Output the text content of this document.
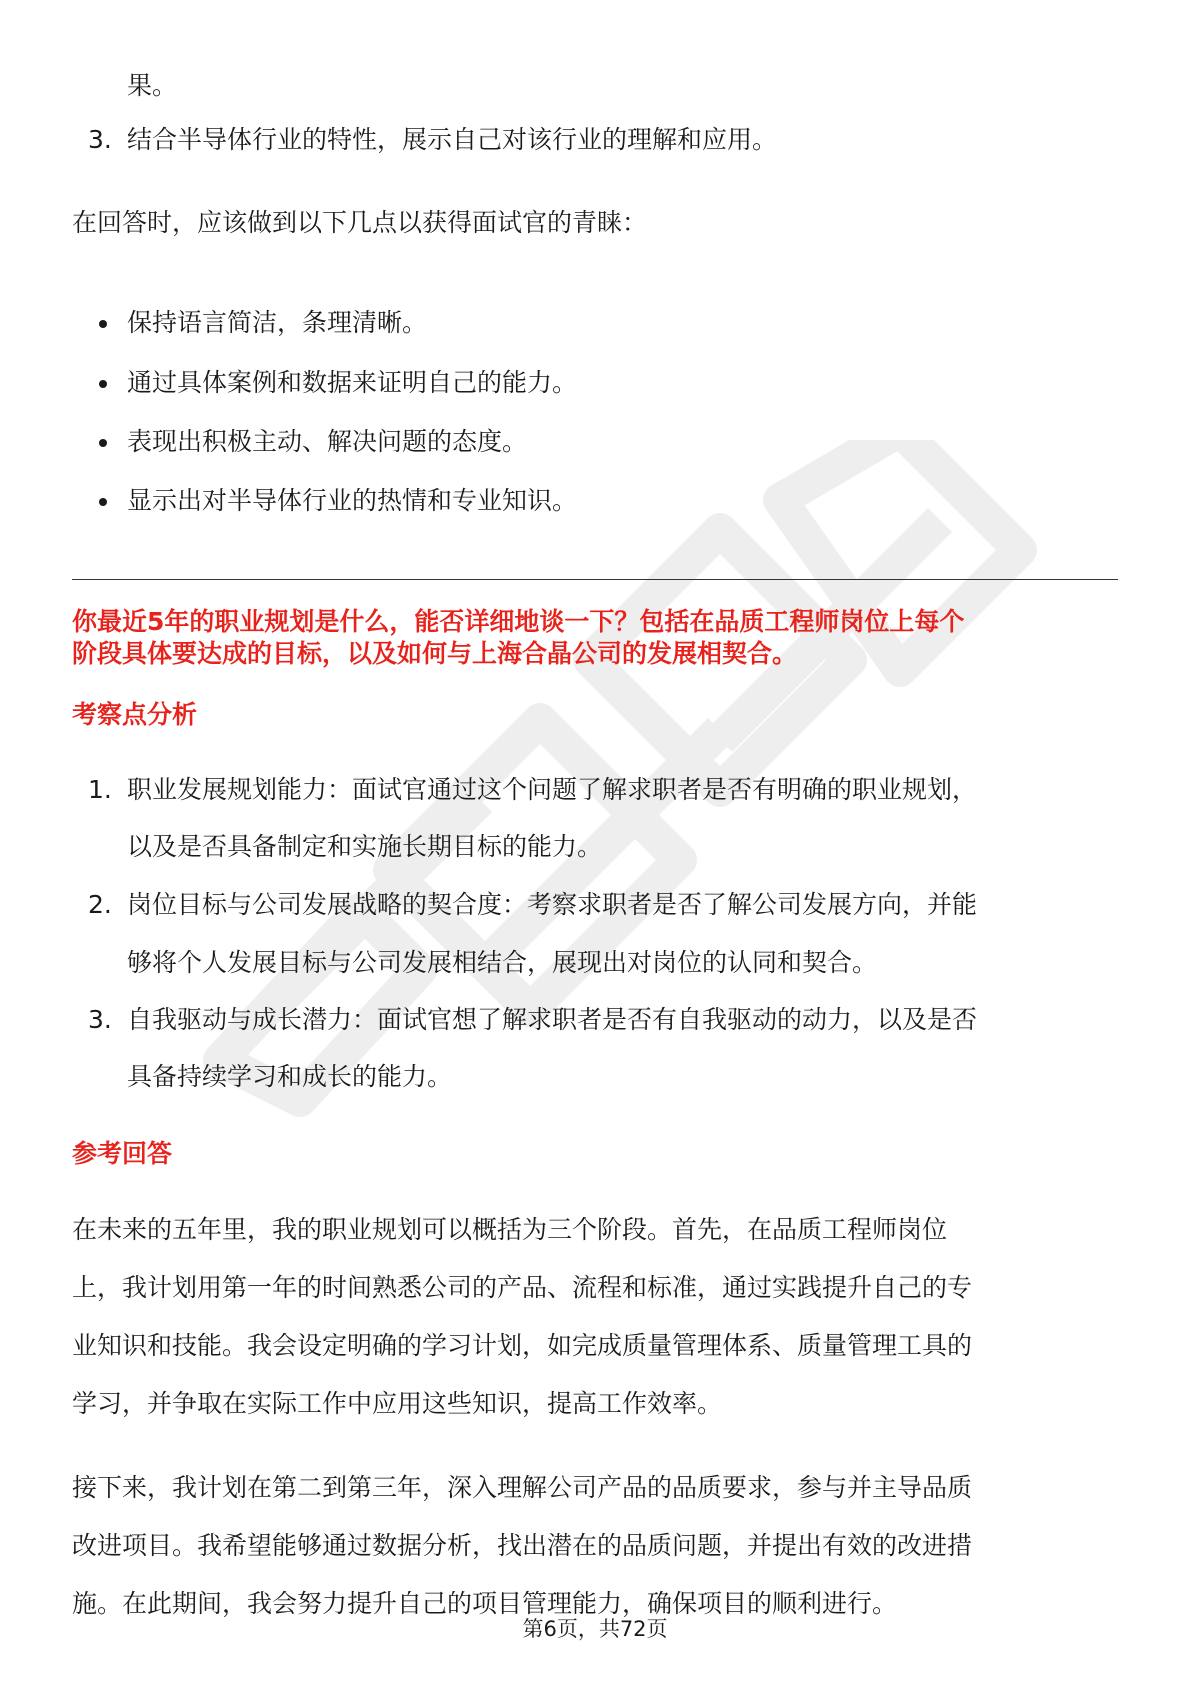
果。
3. 结合半导体行业的特性，展示自己对该行业的理解和应用。
在回答时，应该做到以下几点以获得面试官的青睐：
保持语言简洁，条理清晰。
通过具体案例和数据来证明自己的能力。
表现出积极主动、解决问题的态度。
显示出对半导体行业的热情和专业知识。
你最近5年的职业规划是什么，能否详细地谈一下？包括在品质工程师岗位上每个
阶段具体要达成的目标，以及如何与上海合晶公司的发展相契合。
考察点分析
1. 职业发展规划能力：面试官通过这个问题了解求职者是否有明确的职业规划，
以及是否具备制定和实施长期目标的能力。
2. 岗位目标与公司发展战略的契合度：考察求职者是否了解公司发展方向，并能
够将个人发展目标与公司发展相结合，展现出对岗位的认同和契合。
3. 自我驱动与成长潜力：面试官想了解求职者是否有自我驱动的动力，以及是否
具备持续学习和成长的能力。
参考回答
在未来的五年里，我的职业规划可以概括为三个阶段。首先，在品质工程师岗位
上，我计划用第一年的时间熟悉公司的产品、流程和标准，通过实践提升自己的专
业知识和技能。我会设定明确的学习计划，如完成质量管理体系、质量管理工具的
学习，并争取在实际工作中应用这些知识，提高工作效率。
接下来，我计划在第二到第三年，深入理解公司产品的品质要求，参与并主导品质
改进项目。我希望能够通过数据分析，找出潜在的品质问题，并提出有效的改进措
施。在此期间，我会努力提升自己的项目管理能力，确保项目的顺利进行。
第6页，共72页
